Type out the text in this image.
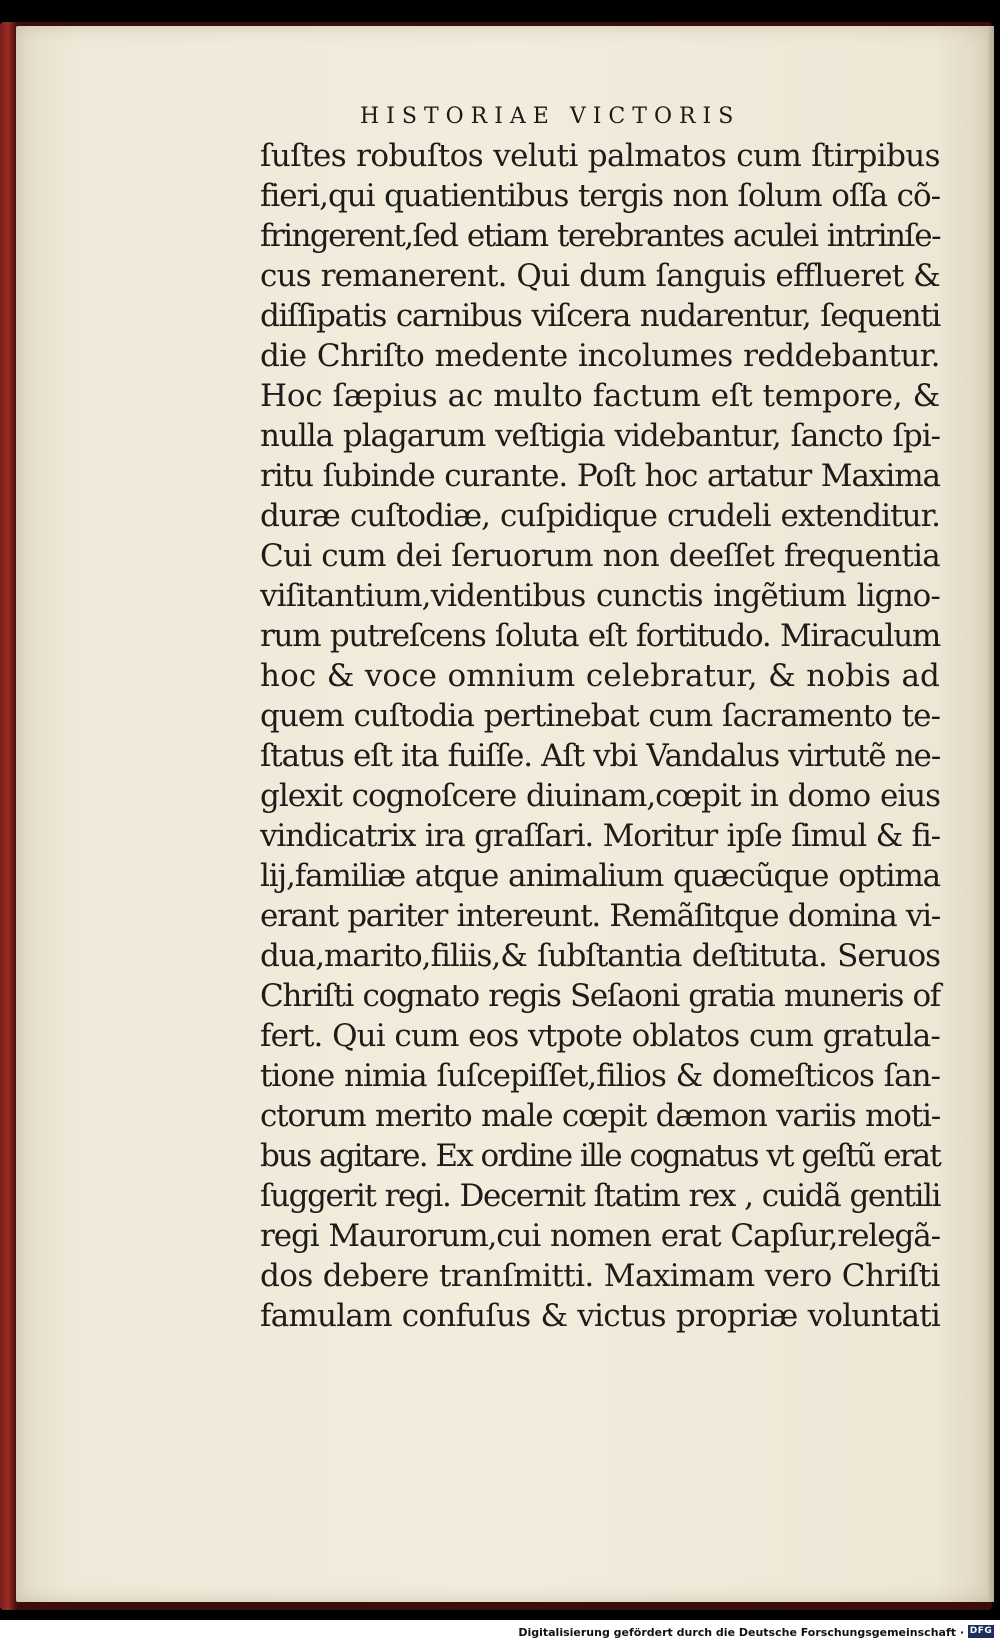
HISTORIAE VICTORIS
ſuſtes robuſtos veluti palmatos cum ſtirpibus
fieri,qui quatientibus tergis non ſolum oſſa cõ-
fringerent,ſed etiam terebrantes aculei intrinſe-
cus remanerent. Qui dum ſanguis efflueret &
diſſipatis carnibus viſcera nudarentur, ſequenti
die Chriſto medente incolumes reddebantur.
Hoc ſæpius ac multo factum eſt tempore, &
nulla plagarum veſtigia videbantur, ſancto ſpi-
ritu ſubinde curante. Poſt hoc artatur Maxima
duræ cuſtodiæ, cuſpidique crudeli extenditur.
Cui cum dei ſeruorum non deeſſet frequentia
viſitantium,videntibus cunctis ingẽtium ligno-
rum putreſcens ſoluta eſt fortitudo. Miraculum
hoc & voce omnium celebratur, & nobis ad
quem cuſtodia pertinebat cum ſacramento te-
ſtatus eſt ita fuiſſe. Aſt vbi Vandalus virtutẽ ne-
glexit cognoſcere diuinam,cœpit in domo eius
vindicatrix ira graſſari. Moritur ipſe ſimul & fi-
lij,familiæ atque animalium quæcũque optima
erant pariter intereunt. Remãſitque domina vi-
dua,marito,filiis,& ſubſtantia deſtituta. Seruos
Chriſti cognato regis Seſaoni gratia muneris of
fert. Qui cum eos vtpote oblatos cum gratula-
tione nimia ſuſcepiſſet,filios & domeſticos ſan-
ctorum merito male cœpit dæmon variis moti-
bus agitare. Ex ordine ille cognatus vt geſtũ erat
ſuggerit regi. Decernit ſtatim rex , cuidã gentili
regi Maurorum,cui nomen erat Capſur,relegã-
dos debere tranſmitti. Maximam vero Chriſti
famulam confuſus & victus propriæ voluntati
Digitalisierung gefördert durch die Deutsche Forschungsgemeinschaft · DFG
